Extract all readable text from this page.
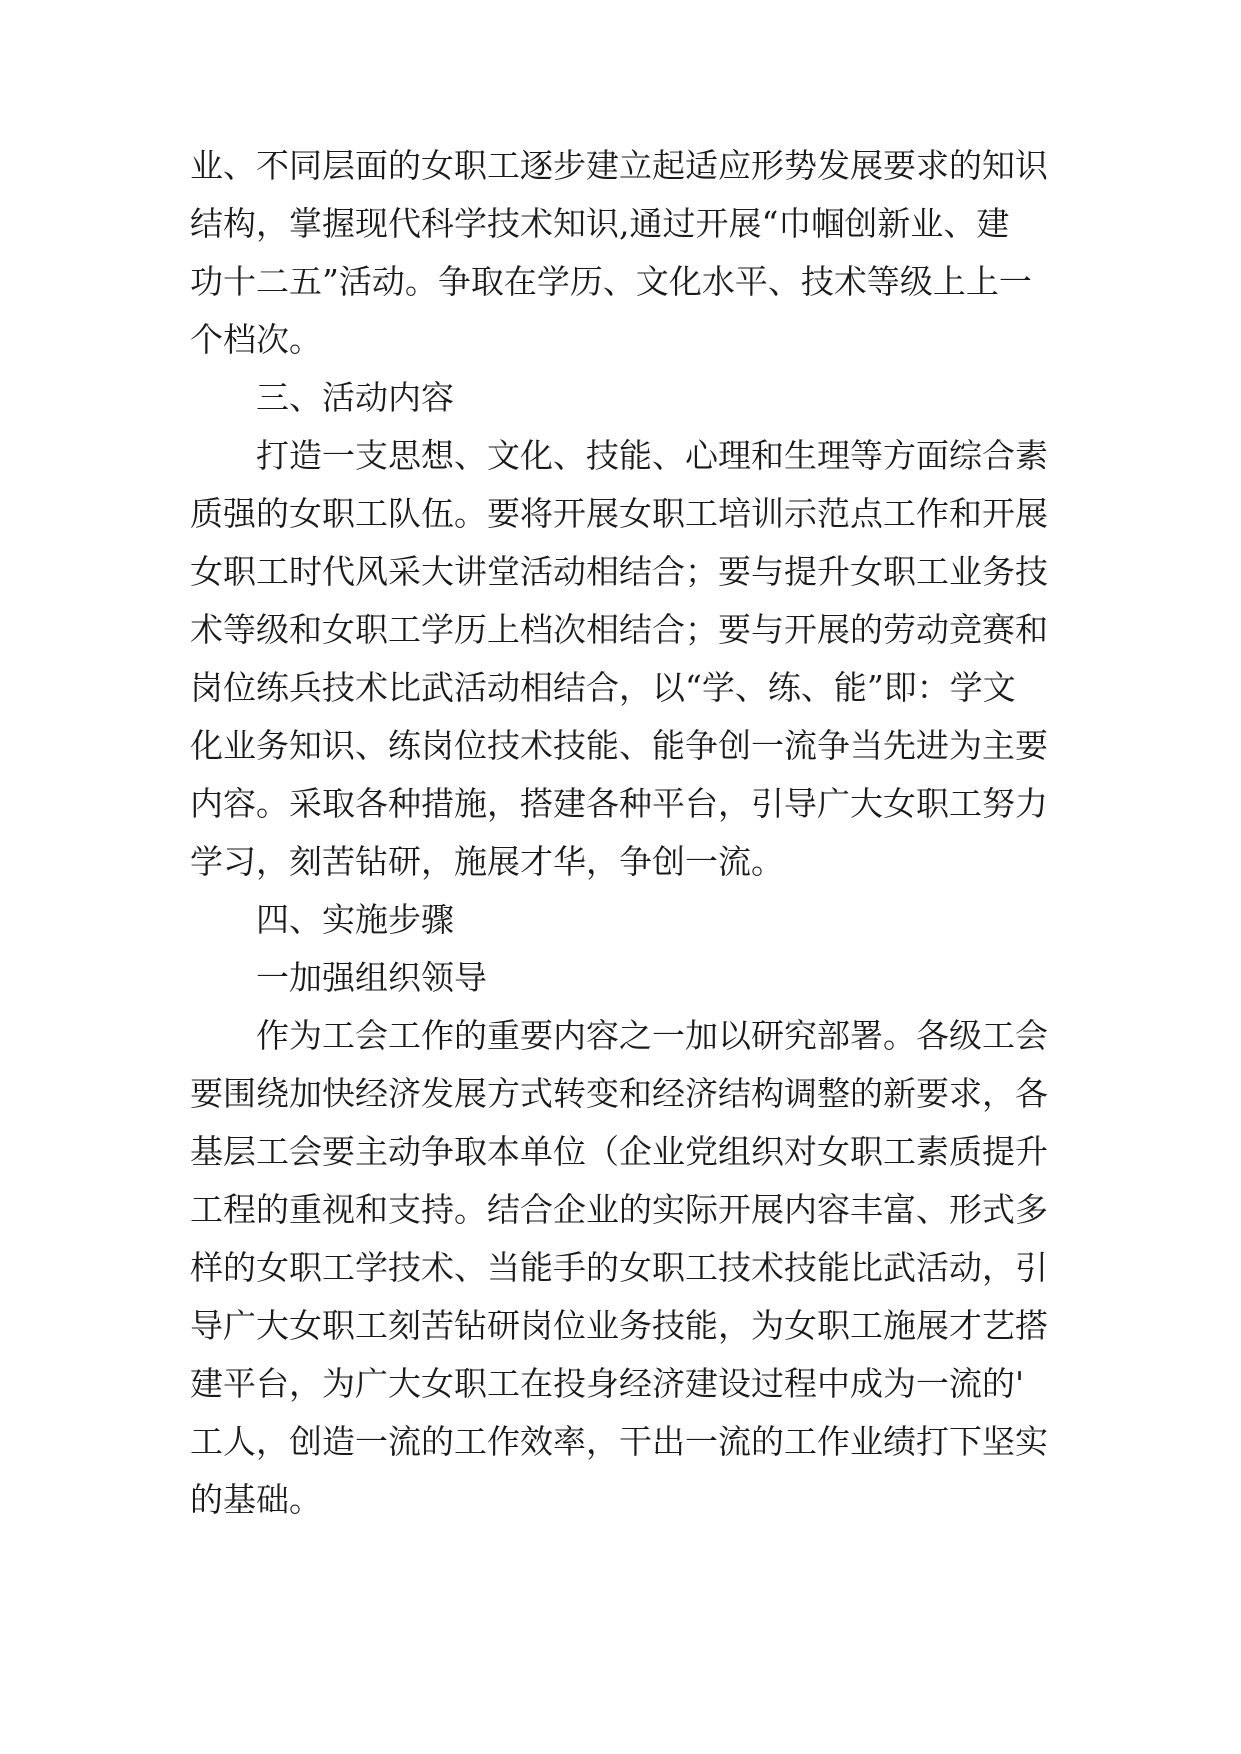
业、不同层面的女职工逐步建立起适应形势发展要求的知识
结构，掌握现代科学技术知识,通过开展“巾帼创新业、建
功十二五”活动。争取在学历、文化水平、技术等级上上一
个档次。
三、活动内容
打造一支思想、文化、技能、心理和生理等方面综合素
质强的女职工队伍。要将开展女职工培训示范点工作和开展
女职工时代风采大讲堂活动相结合；要与提升女职工业务技
术等级和女职工学历上档次相结合；要与开展的劳动竞赛和
岗位练兵技术比武活动相结合，以“学、练、能”即：学文
化业务知识、练岗位技术技能、能争创一流争当先进为主要
内容。采取各种措施，搭建各种平台，引导广大女职工努力
学习，刻苦钻研，施展才华，争创一流。
四、实施步骤
一加强组织领导
作为工会工作的重要内容之一加以研究部署。各级工会
要围绕加快经济发展方式转变和经济结构调整的新要求，各
基层工会要主动争取本单位（企业党组织对女职工素质提升
工程的重视和支持。结合企业的实际开展内容丰富、形式多
样的女职工学技术、当能手的女职工技术技能比武活动，引
导广大女职工刻苦钻研岗位业务技能，为女职工施展才艺搭
建平台，为广大女职工在投身经济建设过程中成为一流的'
工人，创造一流的工作效率，干出一流的工作业绩打下坚实
的基础。
